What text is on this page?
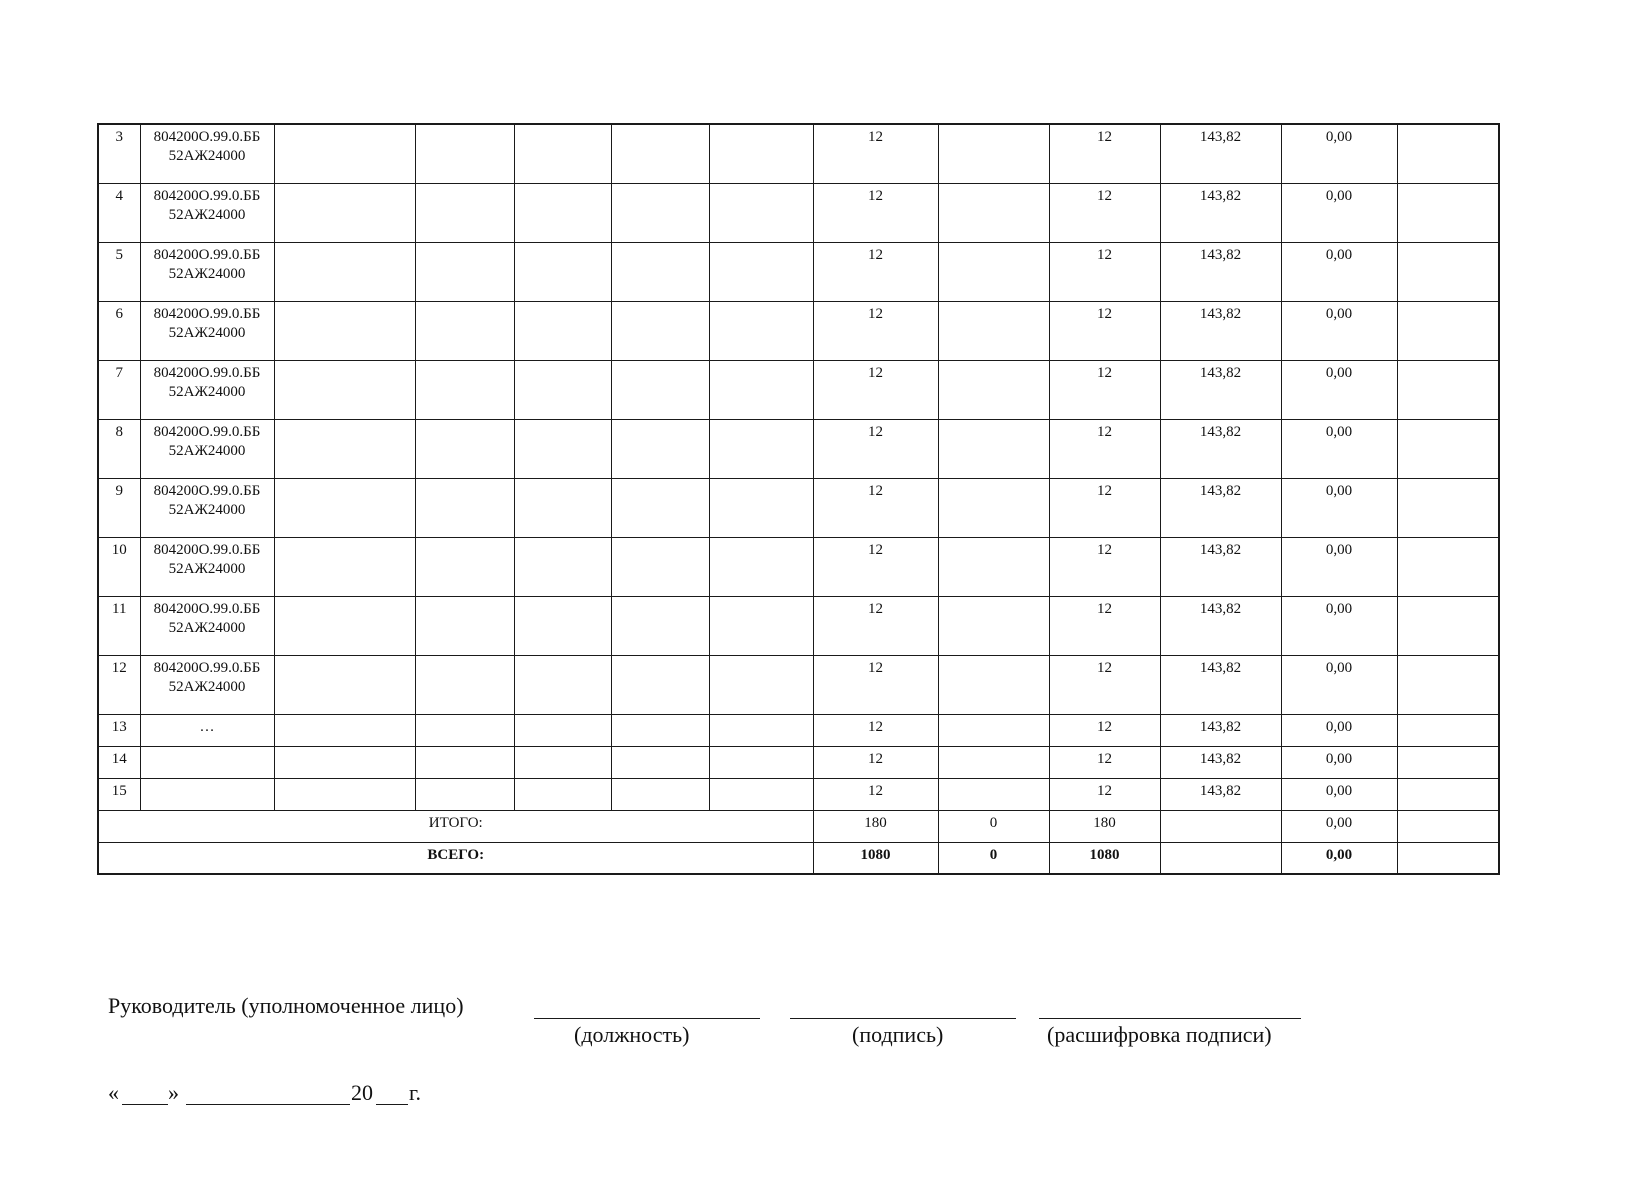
3	804200О.99.0.ББ 52АЖ24000						12		12	143,82	0,00	
4	804200О.99.0.ББ 52АЖ24000						12		12	143,82	0,00	
5	804200О.99.0.ББ 52АЖ24000						12		12	143,82	0,00	
6	804200О.99.0.ББ 52АЖ24000						12		12	143,82	0,00	
7	804200О.99.0.ББ 52АЖ24000						12		12	143,82	0,00	
8	804200О.99.0.ББ 52АЖ24000						12		12	143,82	0,00	
9	804200О.99.0.ББ 52АЖ24000						12		12	143,82	0,00	
10	804200О.99.0.ББ 52АЖ24000						12		12	143,82	0,00	
11	804200О.99.0.ББ 52АЖ24000						12		12	143,82	0,00	
12	804200О.99.0.ББ 52АЖ24000						12		12	143,82	0,00	
13	…						12		12	143,82	0,00	
14							12		12	143,82	0,00	
15							12		12	143,82	0,00	
ИТОГО:							180	0	180		0,00	
ВСЕГО:							1080	0	1080		0,00	
Руководитель (уполномоченное лицо)
(должность)	(подпись)	(расшифровка подписи)
« »	20 г.
